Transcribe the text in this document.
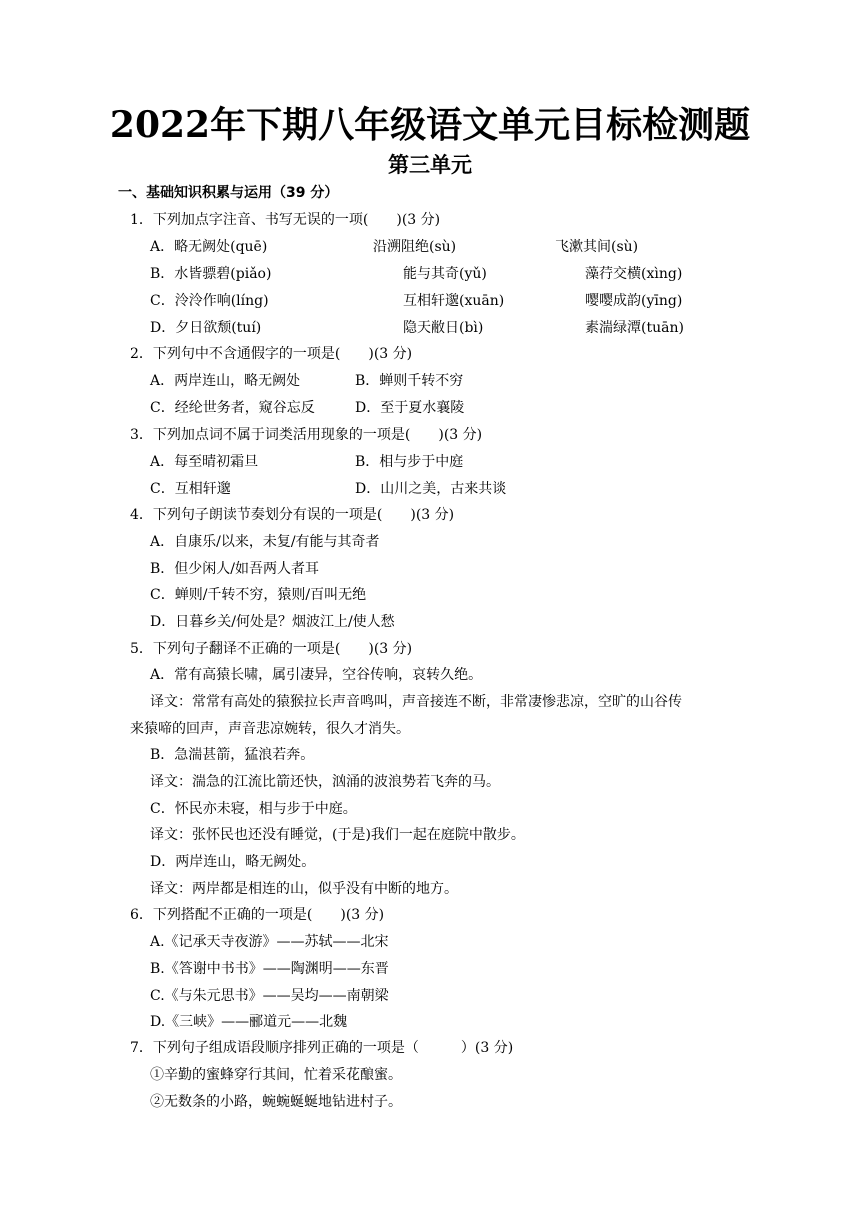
2022年下期八年级语文单元目标检测题
第三单元
一、基础知识积累与运用（39 分）
1．下列加点字注音、书写无误的一项(　　)(3 分)
A．略无阙处(quē)	沿溯阻绝(sù)	飞漱其间(sù)
B．水皆骠碧(piǎo)	能与其奇(yǔ)	藻荇交横(xìng)
C．泠泠作响(líng)	互相轩邈(xuān)	嘤嘤成韵(yīng)
D．夕日欲颓(tuí)	隐天敝日(bì)	素湍绿潭(tuān)
2．下列句中不含通假字的一项是(　　)(3 分)
A．两岸连山，略无阙处	B．蝉则千转不穷
C．经纶世务者，窥谷忘反	D．至于夏水襄陵
3．下列加点词不属于词类活用现象的一项是(　　)(3 分)
A．每至晴初霜旦	B．相与步于中庭
C．互相轩邈	D．山川之美，古来共谈
4．下列句子朗读节奏划分有误的一项是(　　)(3 分)
A．自康乐/以来，未复/有能与其奇者
B．但少闲人/如吾两人者耳
C．蝉则/千转不穷，猿则/百叫无绝
D．日暮乡关/何处是？烟波江上/使人愁
5．下列句子翻译不正确的一项是(　　)(3 分)
A．常有高猿长啸，属引凄异，空谷传响，哀转久绝。
译文：常常有高处的猿猴拉长声音鸣叫，声音接连不断，非常凄惨悲凉，空旷的山谷传
来猿啼的回声，声音悲凉婉转，很久才消失。
B．急湍甚箭，猛浪若奔。
译文：湍急的江流比箭还快，汹涌的波浪势若飞奔的马。
C．怀民亦未寝，相与步于中庭。
译文：张怀民也还没有睡觉，(于是)我们一起在庭院中散步。
D．两岸连山，略无阙处。
译文：两岸都是相连的山，似乎没有中断的地方。
6．下列搭配不正确的一项是(　　)(3 分)
A.《记承天寺夜游》——苏轼——北宋
B.《答谢中书书》——陶渊明——东晋
C.《与朱元思书》——吴均——南朝梁
D.《三峡》——郦道元——北魏
7．下列句子组成语段顺序排列正确的一项是（　　　）(3 分)
①辛勤的蜜蜂穿行其间，忙着采花酿蜜。
②无数条的小路，蜿蜿蜒蜒地钻进村子。
